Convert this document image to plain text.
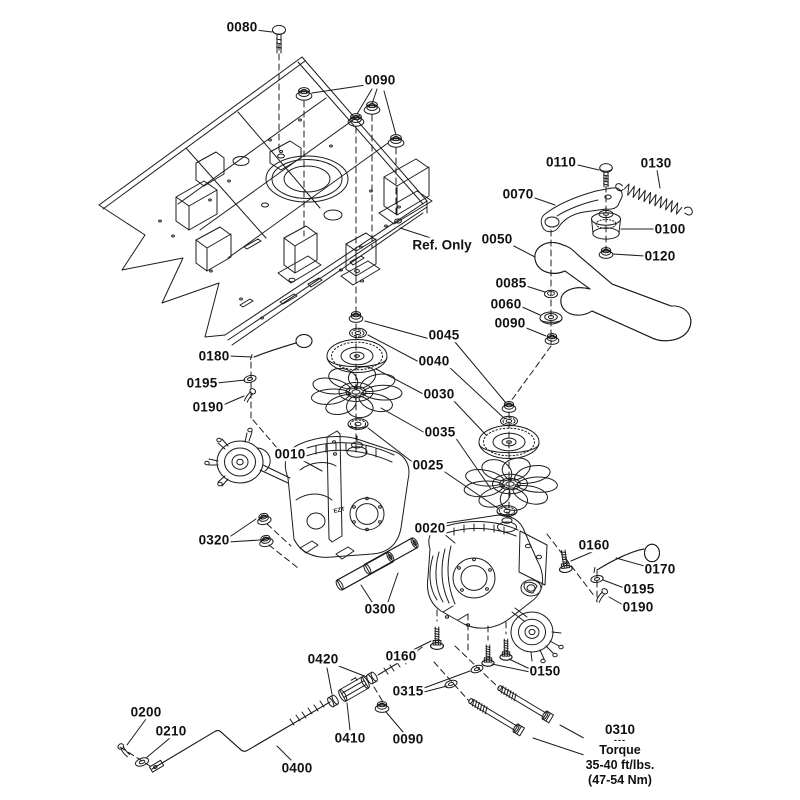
EZT
0080
0090
0110	0130
0070
0100
0050
0120
0085
0060
0090
0180
0195
0190
0045
0040
0030
0035
0025
0010
0020
0320
0300
0160
0170
0195
0190
0160
0150
0420
0315
0410 0090
0200
0210
0400
Ref. Only
0310
---
Torque
35-40 ft/lbs.
(47-54 Nm)
